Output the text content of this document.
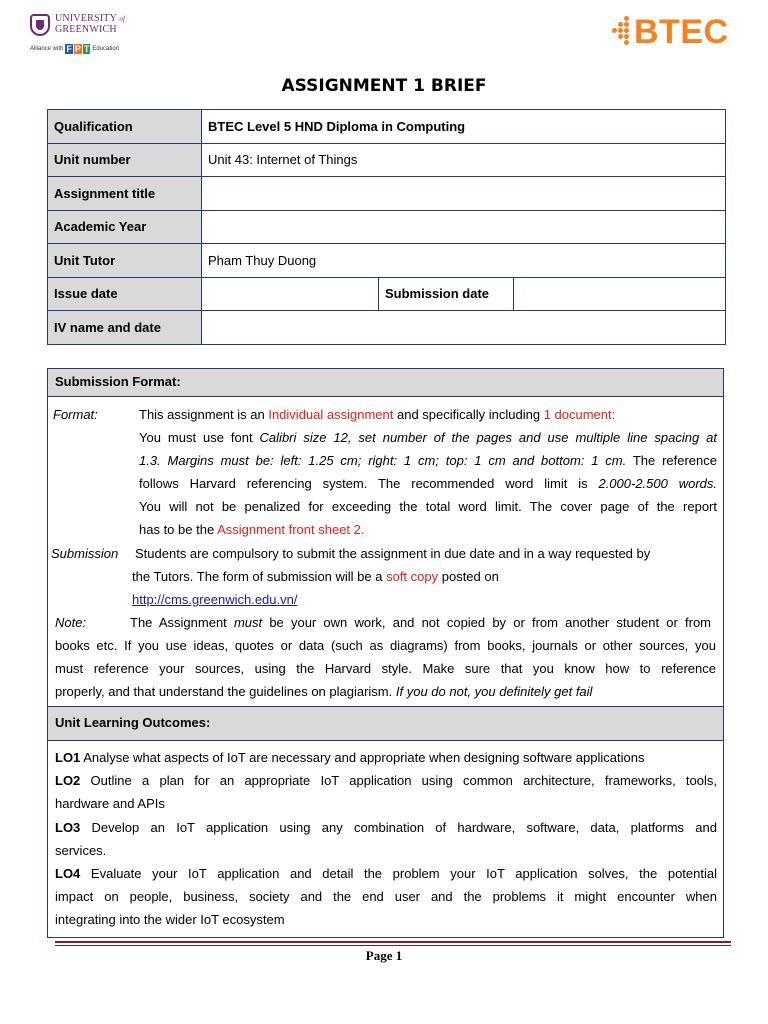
UNIVERSITY of
GREENWICH
Alliance with F P T Education	BTEC
ASSIGNMENT 1 BRIEF
Qualification	BTEC Level 5 HND Diploma in Computing		
Unit number	Unit 43: Internet of Things		
Assignment title			
Academic Year			
Unit Tutor	Pham Thuy Duong		
Issue date		Submission date	
IV name and date			
Submission Format:
Format:	This assignment is an Individual assignment and specifically including 1 document:
You must use font Calibri size 12, set number of the pages and use multiple line spacing at
1.3. Margins must be: left: 1.25 cm; right: 1 cm; top: 1 cm and bottom: 1 cm. The reference
follows Harvard referencing system. The recommended word limit is 2.000-2.500 words.
You will not be penalized for exceeding the total word limit. The cover page of the report
has to be the Assignment front sheet 2.
Submission	Students are compulsory to submit the assignment in due date and in a way requested by
the Tutors. The form of submission will be a soft copy posted on
http://cms.greenwich.edu.vn/
Note:	The Assignment must be your own work, and not copied by or from another student or from
books etc. If you use ideas, quotes or data (such as diagrams) from books, journals or other sources, you
must reference your sources, using the Harvard style. Make sure that you know how to reference
properly, and that understand the guidelines on plagiarism. If you do not, you definitely get fail
Unit Learning Outcomes:
LO1 Analyse what aspects of IoT are necessary and appropriate when designing software applications
LO2 Outline a plan for an appropriate IoT application using common architecture, frameworks, tools,
hardware and APIs
LO3 Develop an IoT application using any combination of hardware, software, data, platforms and
services.
LO4 Evaluate your IoT application and detail the problem your IoT application solves, the potential
impact on people, business, society and the end user and the problems it might encounter when
integrating into the wider IoT ecosystem
Page 1
